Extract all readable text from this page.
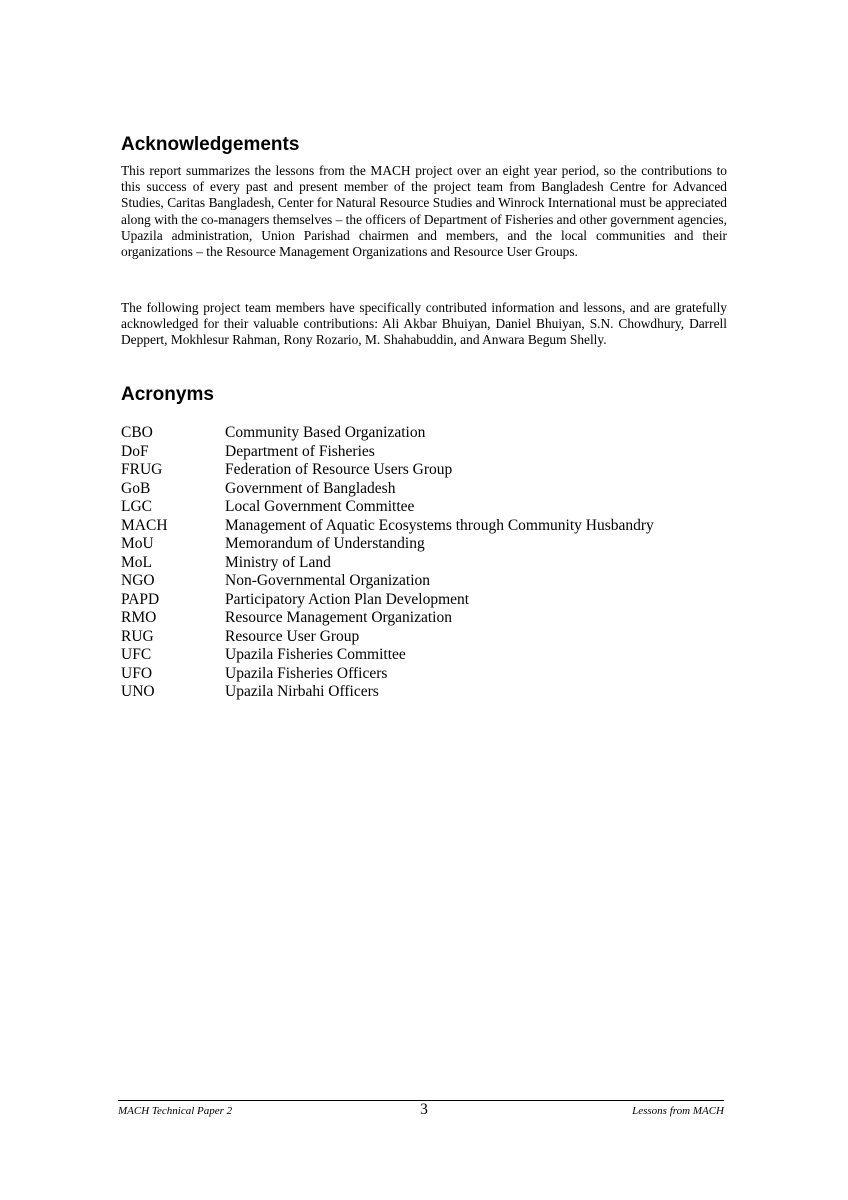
Acknowledgements

This report summarizes the lessons from the MACH project over an eight year period, so the contributions to this success of every past and present member of the project team from Bangladesh Centre for Advanced Studies, Caritas Bangladesh, Center for Natural Resource Studies and Winrock International must be appreciated along with the co-managers themselves – the officers of Department of Fisheries and other government agencies, Upazila administration, Union Parishad chairmen and members, and the local communities and their organizations – the Resource Management Organizations and Resource User Groups.

The following project team members have specifically contributed information and lessons, and are gratefully acknowledged for their valuable contributions: Ali Akbar Bhuiyan, Daniel Bhuiyan, S.N. Chowdhury, Darrell Deppert, Mokhlesur Rahman, Rony Rozario, M. Shahabuddin, and Anwara Begum Shelly.

Acronyms
CBO	Community Based Organization
DoF	Department of Fisheries
FRUG	Federation of Resource Users Group
GoB	Government of Bangladesh
LGC	Local Government Committee
MACH	Management of Aquatic Ecosystems through Community Husbandry
MoU	Memorandum of Understanding
MoL	Ministry of Land
NGO	Non-Governmental Organization
PAPD	Participatory Action Plan Development
RMO	Resource Management Organization
RUG	Resource User Group
UFC	Upazila Fisheries Committee
UFO	Upazila Fisheries Officers
UNO	Upazila Nirbahi Officers
MACH Technical Paper 2	3	Lessons from MACH
